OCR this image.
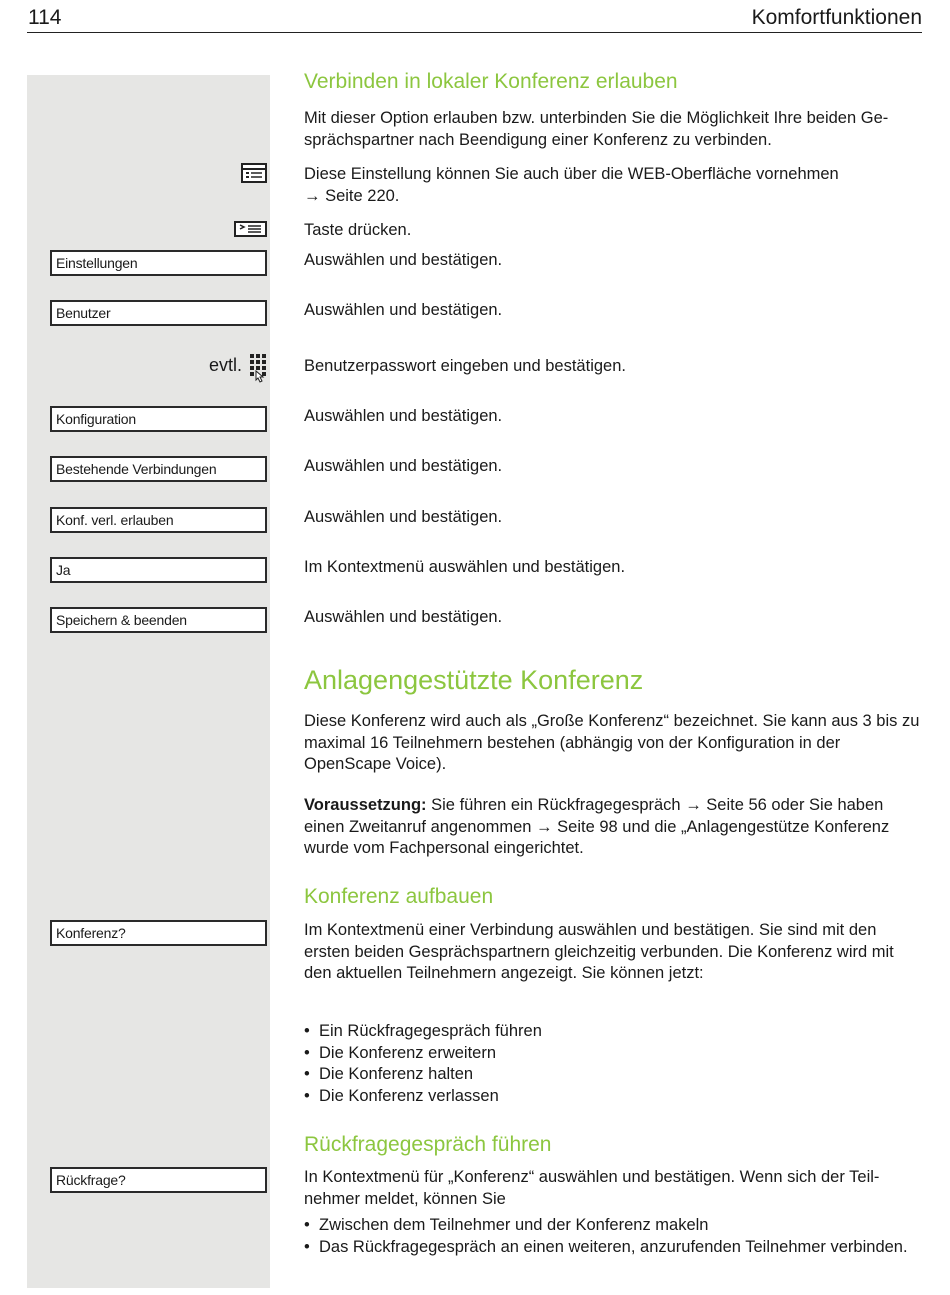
114	Komfortfunktionen
evtl.
Einstellungen
Benutzer
Konfiguration
Bestehende Verbindungen
Konf. verl. erlauben
Ja
Speichern & beenden
Konferenz?
Rückfrage?
Verbinden in lokaler Konferenz erlauben

Mit dieser Option erlauben bzw. unterbinden Sie die Möglichkeit Ihre beiden Gesprächspartner nach Beendigung einer Konferenz zu verbinden.

Diese Einstellung können Sie auch über die WEB-Oberfläche vornehmen
→ Seite 220.

Taste drücken.

Auswählen und bestätigen.

Auswählen und bestätigen.

Benutzerpasswort eingeben und bestätigen.

Auswählen und bestätigen.

Auswählen und bestätigen.

Auswählen und bestätigen.

Im Kontextmenü auswählen und bestätigen.

Auswählen und bestätigen.

Anlagengestützte Konferenz

Diese Konferenz wird auch als „Große Konferenz“ bezeichnet. Sie kann aus 3 bis zu maximal 16 Teilnehmern bestehen (abhängig von der Konfiguration in der OpenScape Voice).

Voraussetzung: Sie führen ein Rückfragegespräch → Seite 56 oder Sie haben einen Zweitanruf angenommen → Seite 98 und die „Anlagengestütze Konferenz wurde vom Fachpersonal eingerichtet.

Konferenz aufbauen

Im Kontextmenü einer Verbindung auswählen und bestätigen. Sie sind mit den ersten beiden Gesprächspartnern gleichzeitig verbunden. Die Konferenz wird mit den aktuellen Teilnehmern angezeigt. Sie können jetzt:

• Ein Rückfragegespräch führen
• Die Konferenz erweitern
• Die Konferenz halten
• Die Konferenz verlassen
Rückfragegespräch führen

In Kontextmenü für „Konferenz“ auswählen und bestätigen. Wenn sich der Teilnehmer meldet, können Sie

• Zwischen dem Teilnehmer und der Konferenz makeln
• Das Rückfragegespräch an einen weiteren, anzurufenden Teilnehmer verbinden.
